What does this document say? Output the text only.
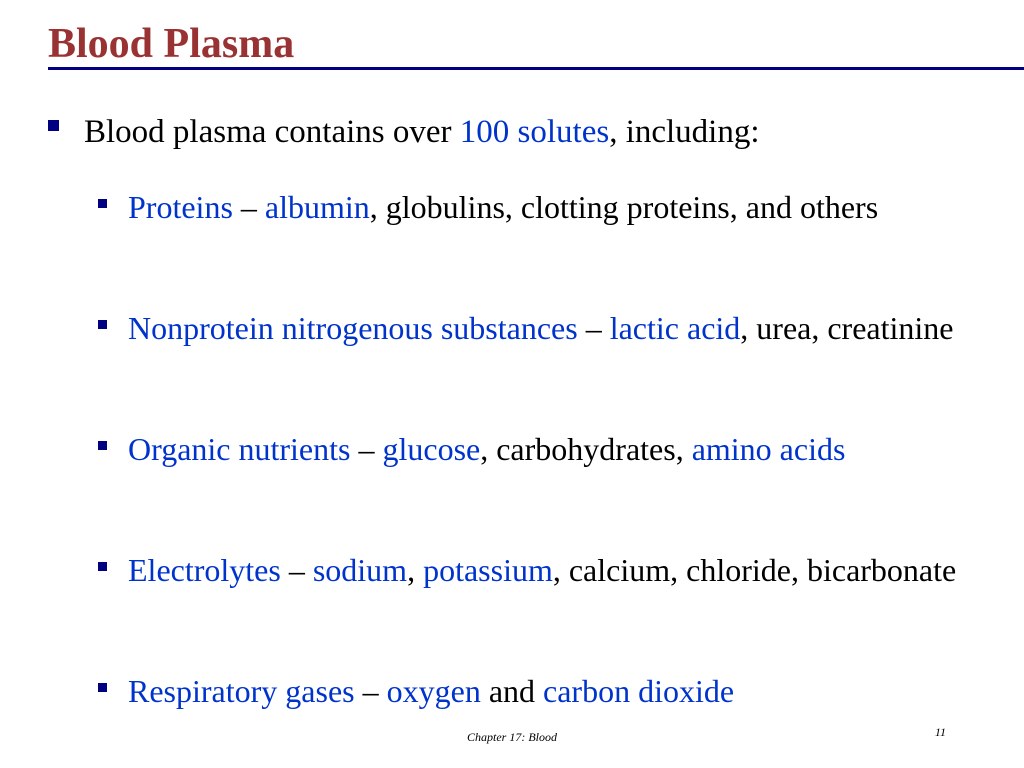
Blood Plasma
Blood plasma contains over 100 solutes, including:
Proteins – albumin, globulins, clotting proteins, and others
Nonprotein nitrogenous substances – lactic acid, urea, creatinine
Organic nutrients – glucose, carbohydrates, amino acids
Electrolytes – sodium, potassium, calcium, chloride, bicarbonate
Respiratory gases – oxygen and carbon dioxide
Chapter 17: Blood	11
